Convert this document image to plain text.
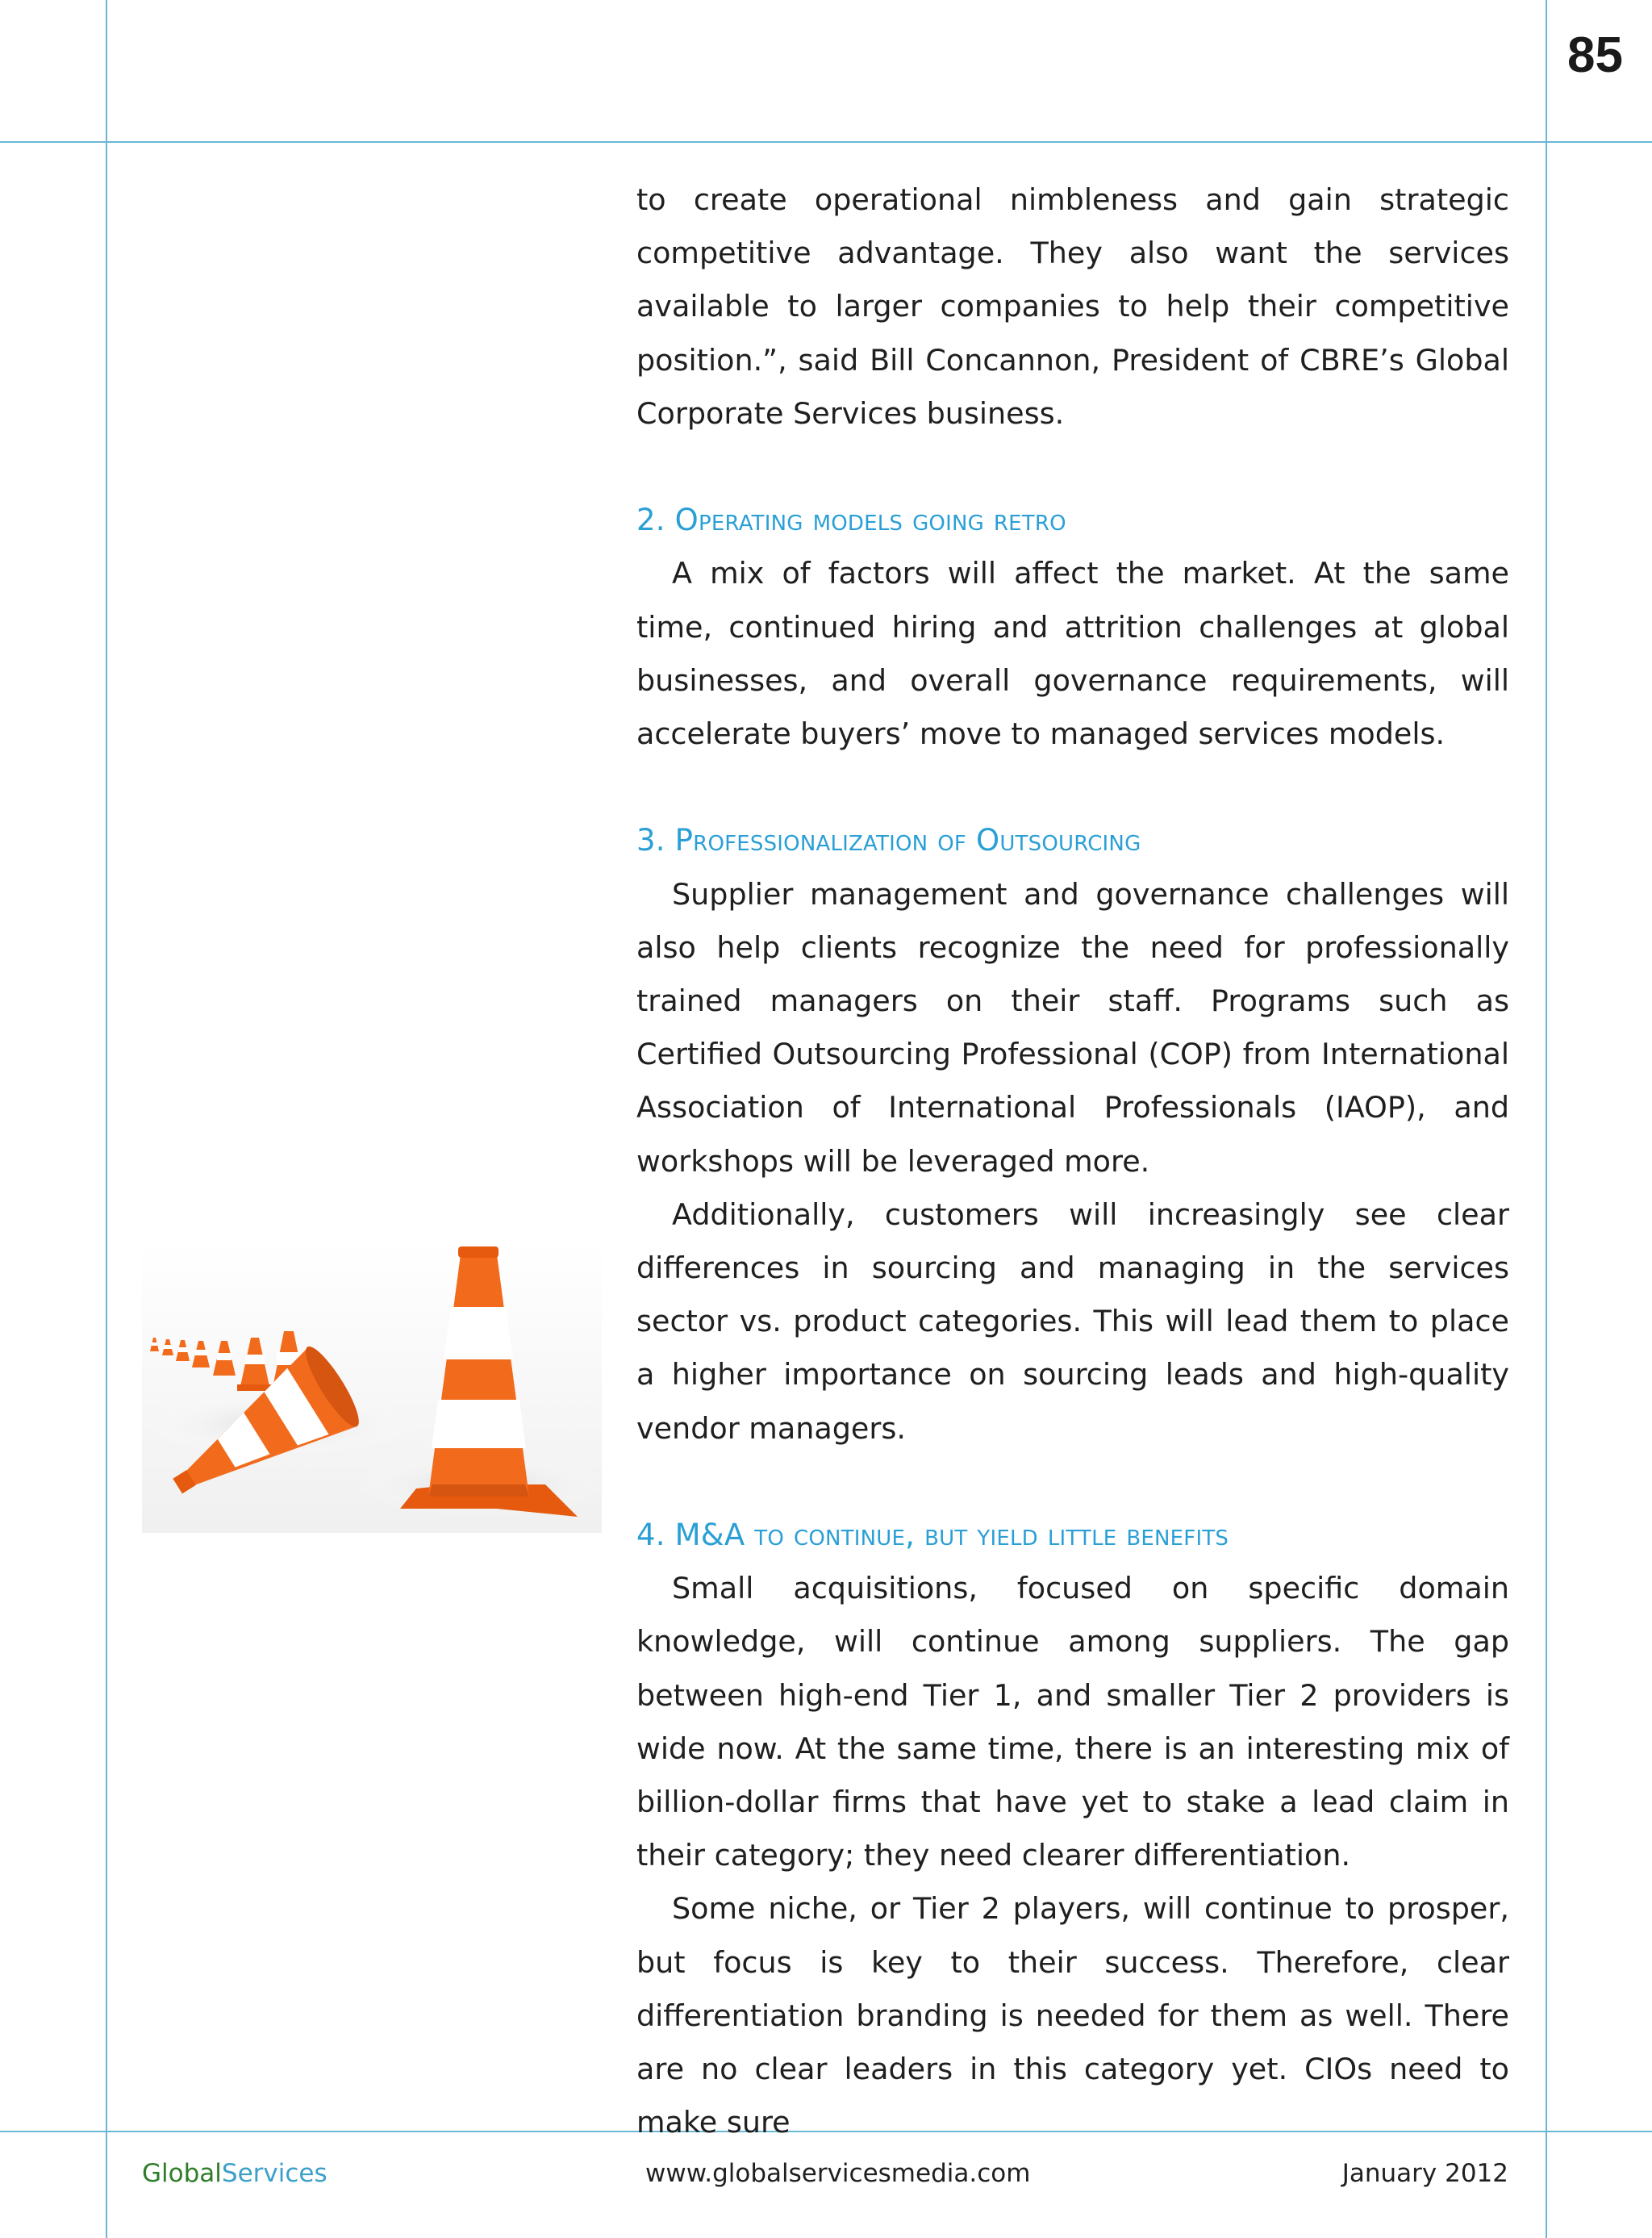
85

to create operational nimbleness and gain strategic competitive advantage. They also want the services available to larger companies to help their competitive position.”, said Bill Concannon, President of CBRE’s Global Corporate Services business.

2. Operating models going retro

A mix of factors will affect the market. At the same time, continued hiring and attrition challenges at global businesses, and overall governance requirements, will accelerate buyers’ move to managed services models.

3. Professionalization of Outsourcing

Supplier management and governance challenges will also help clients recognize the need for professionally trained managers on their staff. Programs such as Certified Outsourcing Professional (COP) from International Association of International Professionals (IAOP), and workshops will be leveraged more.

Additionally, customers will increasingly see clear differences in sourcing and managing in the services sector vs. product categories. This will lead them to place a higher importance on sourcing leads and high-quality vendor managers.

4. M&A to continue, but yield little benefits

Small acquisitions, focused on specific domain knowledge, will continue among suppliers. The gap between high-end Tier 1, and smaller Tier 2 providers is wide now. At the same time, there is an interesting mix of billion-dollar firms that have yet to stake a lead claim in their category; they need clearer differentiation.

Some niche, or Tier 2 players, will continue to prosper, but focus is key to their success. Therefore, clear differentiation branding is needed for them as well. There are no clear leaders in this category yet. CIOs need to make sure

GlobalServices	www.globalservicesmedia.com	January 2012
